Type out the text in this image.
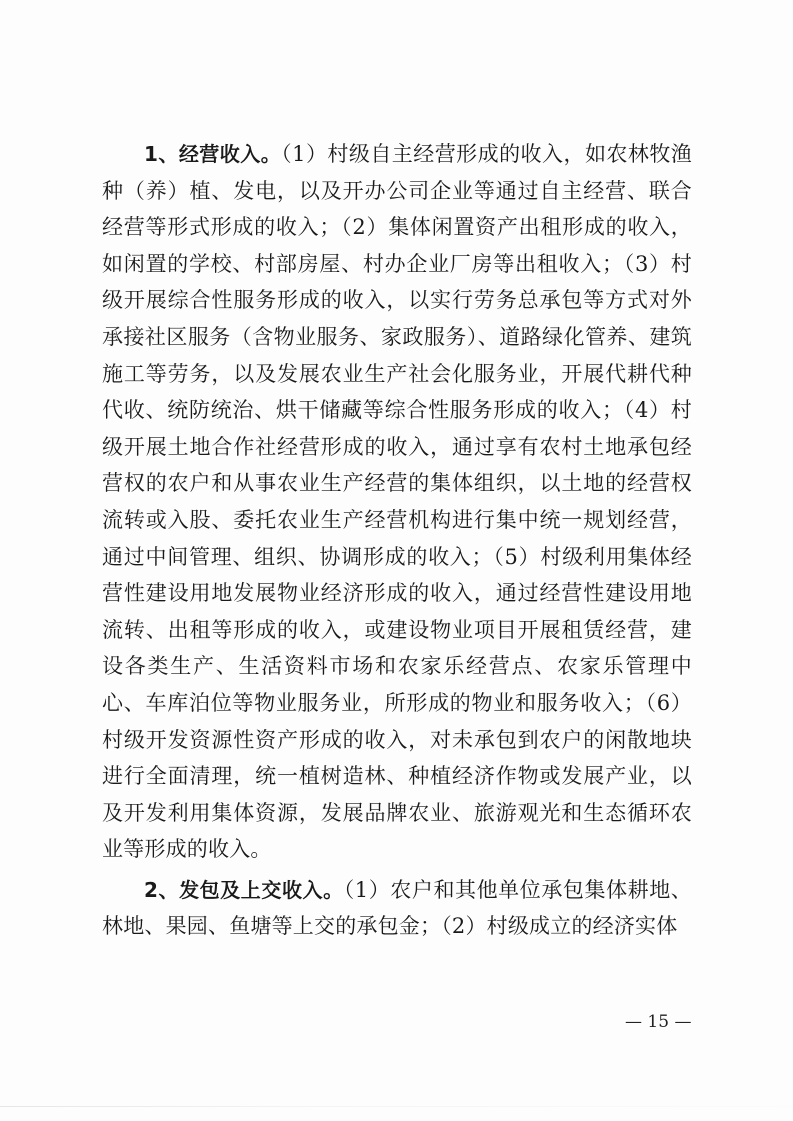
1、经营收入。（1）村级自主经营形成的收入，如农林牧渔种（养）植、发电，以及开办公司企业等通过自主经营、联合经营等形式形成的收入；（2）集体闲置资产出租形成的收入，如闲置的学校、村部房屋、村办企业厂房等出租收入；（3）村级开展综合性服务形成的收入，以实行劳务总承包等方式对外承接社区服务（含物业服务、家政服务）、道路绿化管养、建筑施工等劳务，以及发展农业生产社会化服务业，开展代耕代种代收、统防统治、烘干储藏等综合性服务形成的收入；（4）村级开展土地合作社经营形成的收入，通过享有农村土地承包经营权的农户和从事农业生产经营的集体组织，以土地的经营权流转或入股、委托农业生产经营机构进行集中统一规划经营，通过中间管理、组织、协调形成的收入；（5）村级利用集体经营性建设用地发展物业经济形成的收入，通过经营性建设用地流转、出租等形成的收入，或建设物业项目开展租赁经营，建设各类生产、生活资料市场和农家乐经营点、农家乐管理中心、车库泊位等物业服务业，所形成的物业和服务收入；（6）村级开发资源性资产形成的收入，对未承包到农户的闲散地块进行全面清理，统一植树造林、种植经济作物或发展产业，以及开发利用集体资源，发展品牌农业、旅游观光和生态循环农业等形成的收入。

2、发包及上交收入。（1）农户和其他单位承包集体耕地、林地、果园、鱼塘等上交的承包金；（2）村级成立的经济实体

— 15 —
